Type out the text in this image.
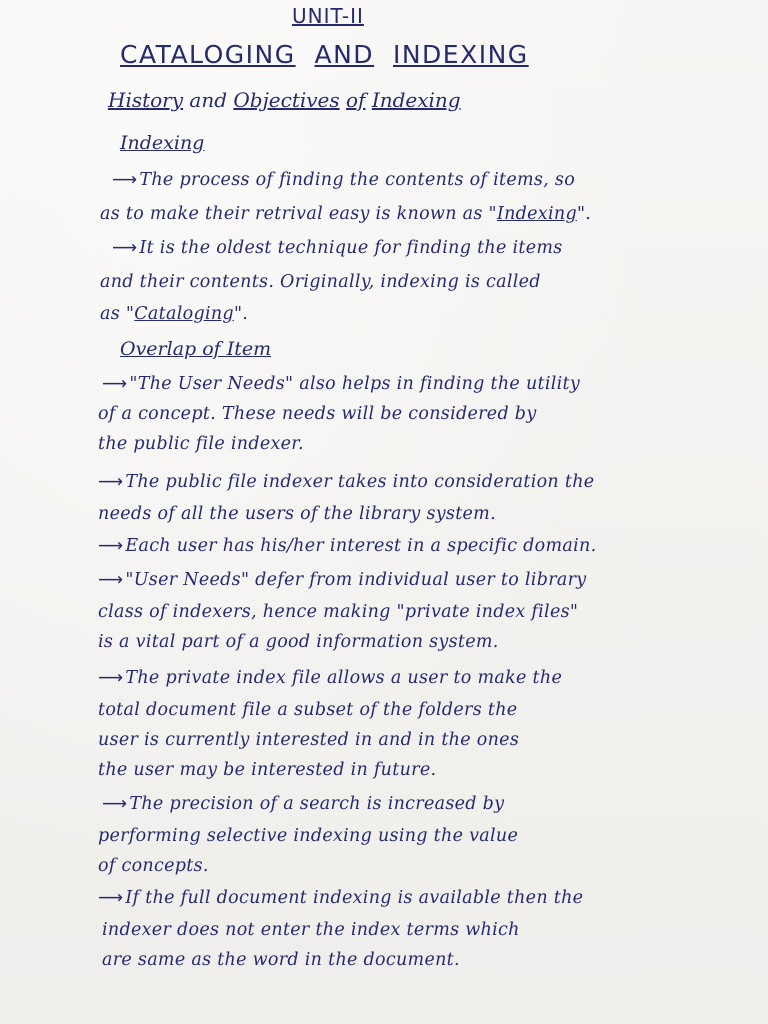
UNIT-II
CATALOGING AND INDEXING
History and Objectives of Indexing
Indexing
⟶ The process of finding the contents of items, so
as to make their retrival easy is known as "Indexing".
⟶ It is the oldest technique for finding the items
and their contents. Originally, indexing is called
as "Cataloging".
Overlap of Item
⟶ "The User Needs" also helps in finding the utility
of a concept. These needs will be considered by
the public file indexer.
⟶ The public file indexer takes into consideration the
needs of all the users of the library system.
⟶ Each user has his/her interest in a specific domain.
⟶ "User Needs" defer from individual user to library
class of indexers, hence making "private index files"
is a vital part of a good information system.
⟶ The private index file allows a user to make the
total document file a subset of the folders the
user is currently interested in and in the ones
the user may be interested in future.
⟶ The precision of a search is increased by
performing selective indexing using the value
of concepts.
⟶ If the full document indexing is available then the
indexer does not enter the index terms which
are same as the word in the document.
